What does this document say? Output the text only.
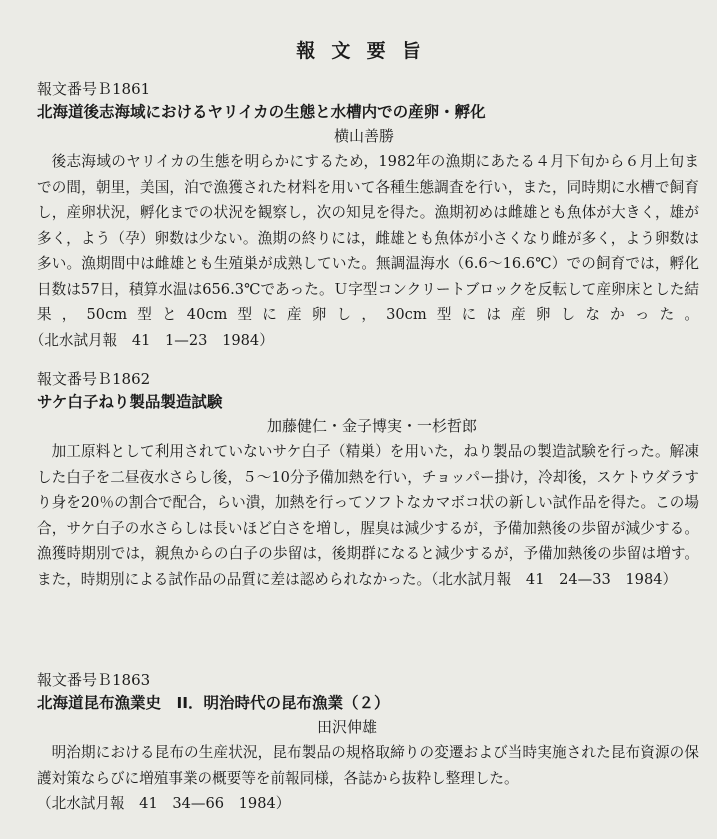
報文要旨
報文番号Ｂ1861
北海道後志海域におけるヤリイカの生態と水槽内での産卵・孵化
横山善勝

後志海域のヤリイカの生態を明らかにするため，1982年の漁期にあたる４月下旬から６月上旬までの間，朝里，美国，泊で漁獲された材料を用いて各種生態調査を行い，また，同時期に水槽で飼育し，産卵状況，孵化までの状況を観察し，次の知見を得た。漁期初めは雌雄とも魚体が大きく，雄が多く，よう（孕）卵数は少ない。漁期の終りには，雌雄とも魚体が小さくなり雌が多く，よう卵数は多い。漁期間中は雌雄とも生殖巣が成熟していた。無調温海水（6.6〜16.6℃）での飼育では，孵化日数は57日，積算水温は656.3℃であった。Ｕ字型コンクリートブロックを反転して産卵床とした結果，50cm型と40cm型に産卵し，30cm型には産卵しなかった。（北水試月報　41　1—23　1984）

報文番号Ｂ1862
サケ白子ねり製品製造試験
加藤健仁・金子博実・一杉哲郎

加工原料として利用されていないサケ白子（精巣）を用いた，ねり製品の製造試験を行った。解凍した白子を二昼夜水さらし後，５〜10分予備加熱を行い，チョッパー掛け，冷却後，スケトウダラすり身を20％の割合で配合，らい潰，加熱を行ってソフトなカマボコ状の新しい試作品を得た。この場合，サケ白子の水さらしは長いほど白さを増し，腥臭は減少するが，予備加熱後の歩留が減少する。漁獲時期別では，親魚からの白子の歩留は，後期群になると減少するが，予備加熱後の歩留は増す。また，時期別による試作品の品質に差は認められなかった。（北水試月報　41　24—33　1984）

報文番号Ｂ1863
北海道昆布漁業史　II．明治時代の昆布漁業（２）
田沢伸雄

明治期における昆布の生産状況，昆布製品の規格取締りの変遷および当時実施された昆布資源の保護対策ならびに増殖事業の概要等を前報同様，各誌から抜粋し整理した。

（北水試月報　41　34—66　1984）
